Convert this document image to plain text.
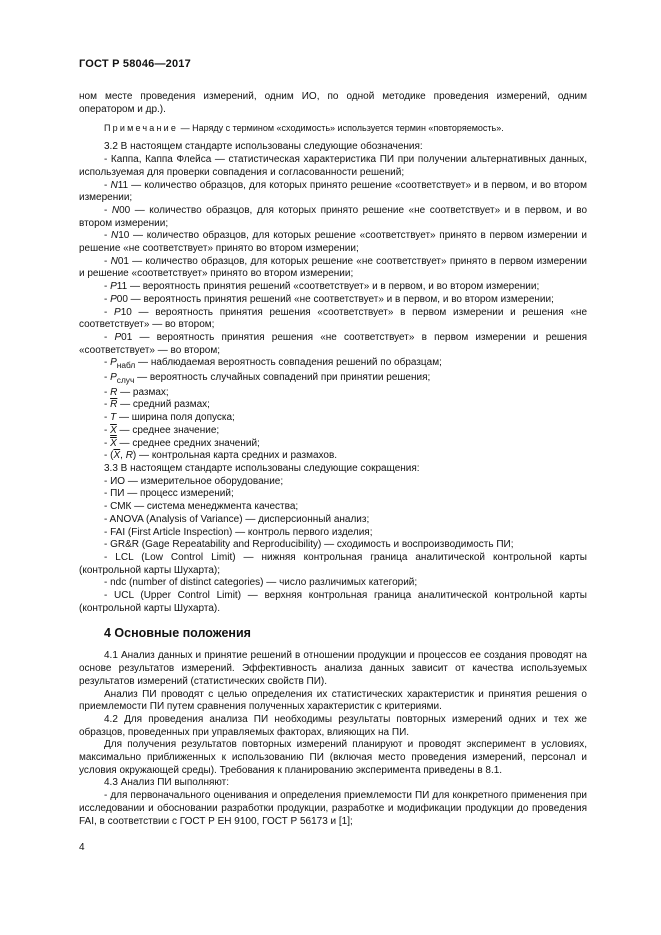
ГОСТ Р 58046—2017

ном месте проведения измерений, одним ИО, по одной методике проведения измерений, одним оператором и др.).

Примечание — Наряду с термином «сходимость» используется термин «повторяемость».

3.2 В настоящем стандарте использованы следующие обозначения:

- Каппа, Каппа Флейса — статистическая характеристика ПИ при получении альтернативных данных, используемая для проверки совпадения и согласованности решений;

- N11 — количество образцов, для которых принято решение «соответствует» и в первом, и во втором измерении;

- N00 — количество образцов, для которых принято решение «не соответствует» и в первом, и во втором измерении;

- N10 — количество образцов, для которых решение «соответствует» принято в первом измерении и решение «не соответствует» принято во втором измерении;

- N01 — количество образцов, для которых решение «не соответствует» принято в первом измерении и решение «соответствует» принято во втором измерении;

- P11 — вероятность принятия решений «соответствует» и в первом, и во втором измерении;

- P00 — вероятность принятия решений «не соответствует» и в первом, и во втором измерении;

- P10 — вероятность принятия решения «соответствует» в первом измерении и решения «не соответствует» — во втором;

- P01 — вероятность принятия решения «не соответствует» в первом измерении и решения «соответствует» — во втором;

- $P_{набл}$ — наблюдаемая вероятность совпадения решений по образцам;

- $P_{случ}$ — вероятность случайных совпадений при принятии решения;

- R — размах;

- $\overline{R}$ — средний размах;

- T — ширина поля допуска;

- $\overline{X}$ — среднее значение;

- X — среднее средних значений;

- ($\overline{X}$, R) — контрольная карта средних и размахов.

3.3 В настоящем стандарте использованы следующие сокращения:

- ИО — измерительное оборудование;

- ПИ — процесс измерений;

- СМК — система менеджмента качества;

- ANOVA (Analysis of Variance) — дисперсионный анализ;

- FAI (First Article Inspection) — контроль первого изделия;

- GR&R (Gage Repeatability and Reproducibility) — сходимость и воспроизводимость ПИ;

- LCL (Low Control Limit) — нижняя контрольная граница аналитической контрольной карты (контрольной карты Шухарта);

- ndc (number of distinct categories) — число различимых категорий;

- UCL (Upper Control Limit) — верхняя контрольная граница аналитической контрольной карты (контрольной карты Шухарта).

4 Основные положения

4.1 Анализ данных и принятие решений в отношении продукции и процессов ее создания проводят на основе результатов измерений. Эффективность анализа данных зависит от качества используемых результатов измерений (статистических свойств ПИ).

Анализ ПИ проводят с целью определения их статистических характеристик и принятия решения о приемлемости ПИ путем сравнения полученных характеристик с критериями.

4.2 Для проведения анализа ПИ необходимы результаты повторных измерений одних и тех же образцов, проведенных при управляемых факторах, влияющих на ПИ.

Для получения результатов повторных измерений планируют и проводят эксперимент в условиях, максимально приближенных к использованию ПИ (включая место проведения измерений, персонал и условия окружающей среды). Требования к планированию эксперимента приведены в 8.1.

4.3 Анализ ПИ выполняют:

- для первоначального оценивания и определения приемлемости ПИ для конкретного применения при исследовании и обосновании разработки продукции, разработке и модификации продукции до проведения FAI, в соответствии с ГОСТ Р ЕН 9100, ГОСТ Р 56173 и [1];

4
